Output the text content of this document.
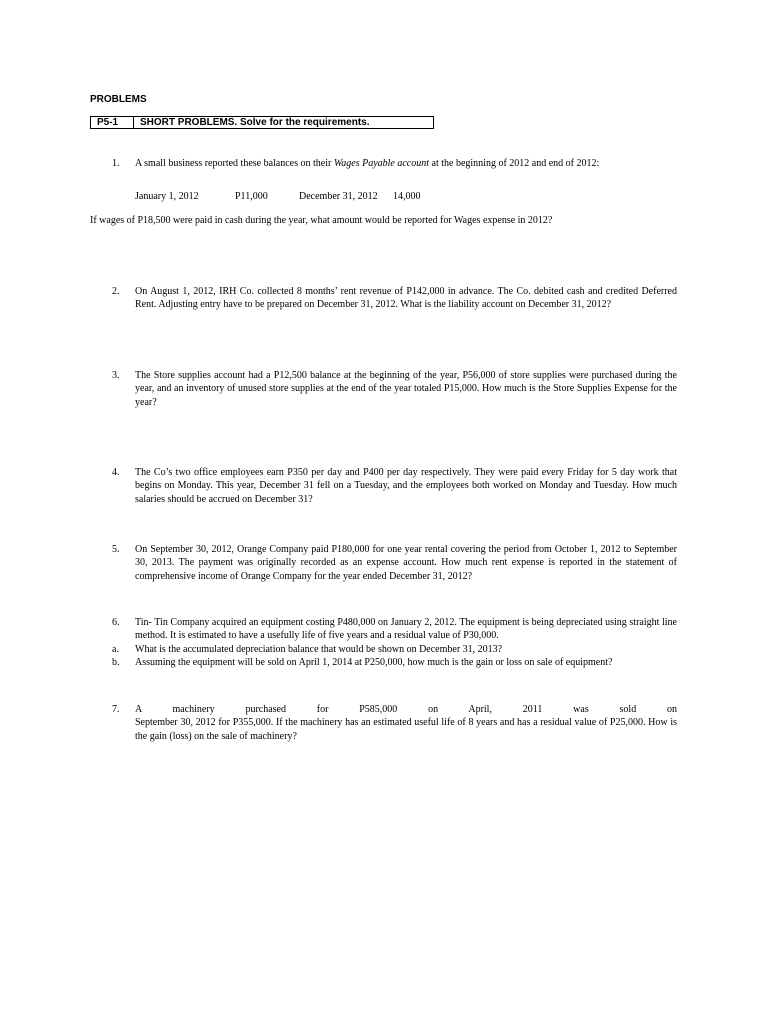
PROBLEMS
P5-1	SHORT PROBLEMS. Solve for the requirements.
1. A small business reported these balances on their Wages Payable account at the beginning of 2012 and end of 2012:
January 1, 2012	P11,000	December 31, 2012 14,000
If wages of P18,500 were paid in cash during the year, what amount would be reported for Wages expense in 2012?
2. On August 1, 2012, IRH Co. collected 8 months’ rent revenue of P142,000 in advance. The Co. debited cash and credited Deferred Rent. Adjusting entry have to be prepared on December 31, 2012. What is the liability account on December 31, 2012?
3. The Store supplies account had a P12,500 balance at the beginning of the year, P56,000 of store supplies were purchased during the year, and an inventory of unused store supplies at the end of the year totaled P15,000. How much is the Store Supplies Expense for the year?
4. The Co’s two office employees earn P350 per day and P400 per day respectively. They were paid every Friday for 5 day work that begins on Monday. This year, December 31 fell on a Tuesday, and the employees both worked on Monday and Tuesday. How much salaries should be accrued on December 31?
5. On September 30, 2012, Orange Company paid P180,000 for one year rental covering the period from October 1, 2012 to September 30, 2013. The payment was originally recorded as an expense account. How much rent expense is reported in the statement of comprehensive income of Orange Company for the year ended December 31, 2012?
6. Tin- Tin Company acquired an equipment costing P480,000 on January 2, 2012. The equipment is being depreciated using straight line method. It is estimated to have a usefully life of five years and a residual value of P30,000.
a. What is the accumulated depreciation balance that would be shown on December 31, 2013?
b. Assuming the equipment will be sold on April 1, 2014 at P250,000, how much is the gain or loss on sale of equipment?
7. A machinery purchased for P585,000 on April, 2011 was sold on
September 30, 2012 for P355,000. If the machinery has an estimated useful life of 8 years and has a residual value of P25,000. How is the gain (loss) on the sale of machinery?
